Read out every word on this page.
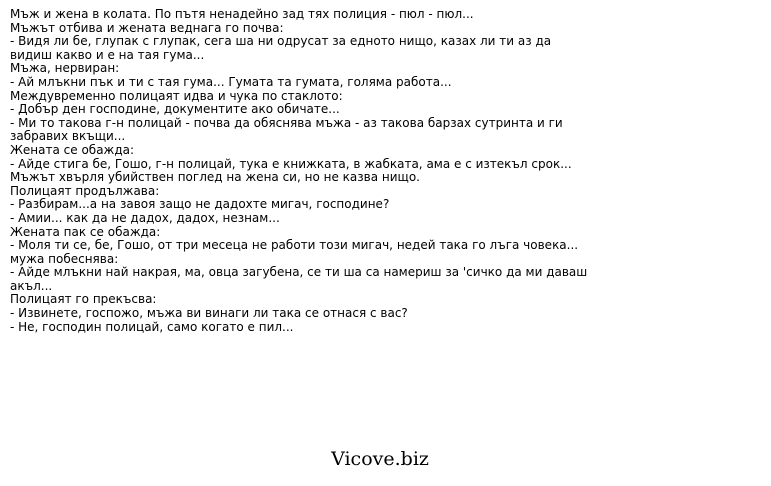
Мъж и жена в колата. По пътя ненадейно зад тях полиция - пюл - пюл...

Мъжът отбива и жената веднага го почва:

- Видя ли бе, глупак с глупак, сега ша ни одрусат за едното нищо, казах ли ти аз да видиш какво и е на тая гума...

Мъжа, нервиран:

- Ай млъкни пък и ти с тая гума... Гумата та гумата, голяма работа...

Междувременно полицаят идва и чука по стаклото:

- Добър ден господине, документите ако обичате...

- Ми то такова г-н полицай - почва да обяснява мъжа - аз такова барзах сутринта и ги забравих вкъщи...

Жената се обажда:

- Айде стига бе, Гошо, г-н полицай, тука е книжката, в жабката, ама е с изтекъл срок...

Мъжът хвърля убийствен поглед на жена си, но не казва нищо.

Полицаят продължава:

- Разбирам...а на завоя защо не дадохте мигач, господине?

- Амии... как да не дадох, дадох, незнам...

Жената пак се обажда:

- Моля ти се, бе, Гошо, от три месеца не работи този мигач, недей така го лъга човека...

мужа побеснява:

- Айде млъкни най накрая, ма, овца загубена, се ти ша са намериш за 'сичко да ми даваш акъл...

Полицаят го прекъсва:

- Извинете, госпожо, мъжа ви винаги ли така се отнася с вас?

- Не, господин полицай, само когато е пил...

Vicove.biz
